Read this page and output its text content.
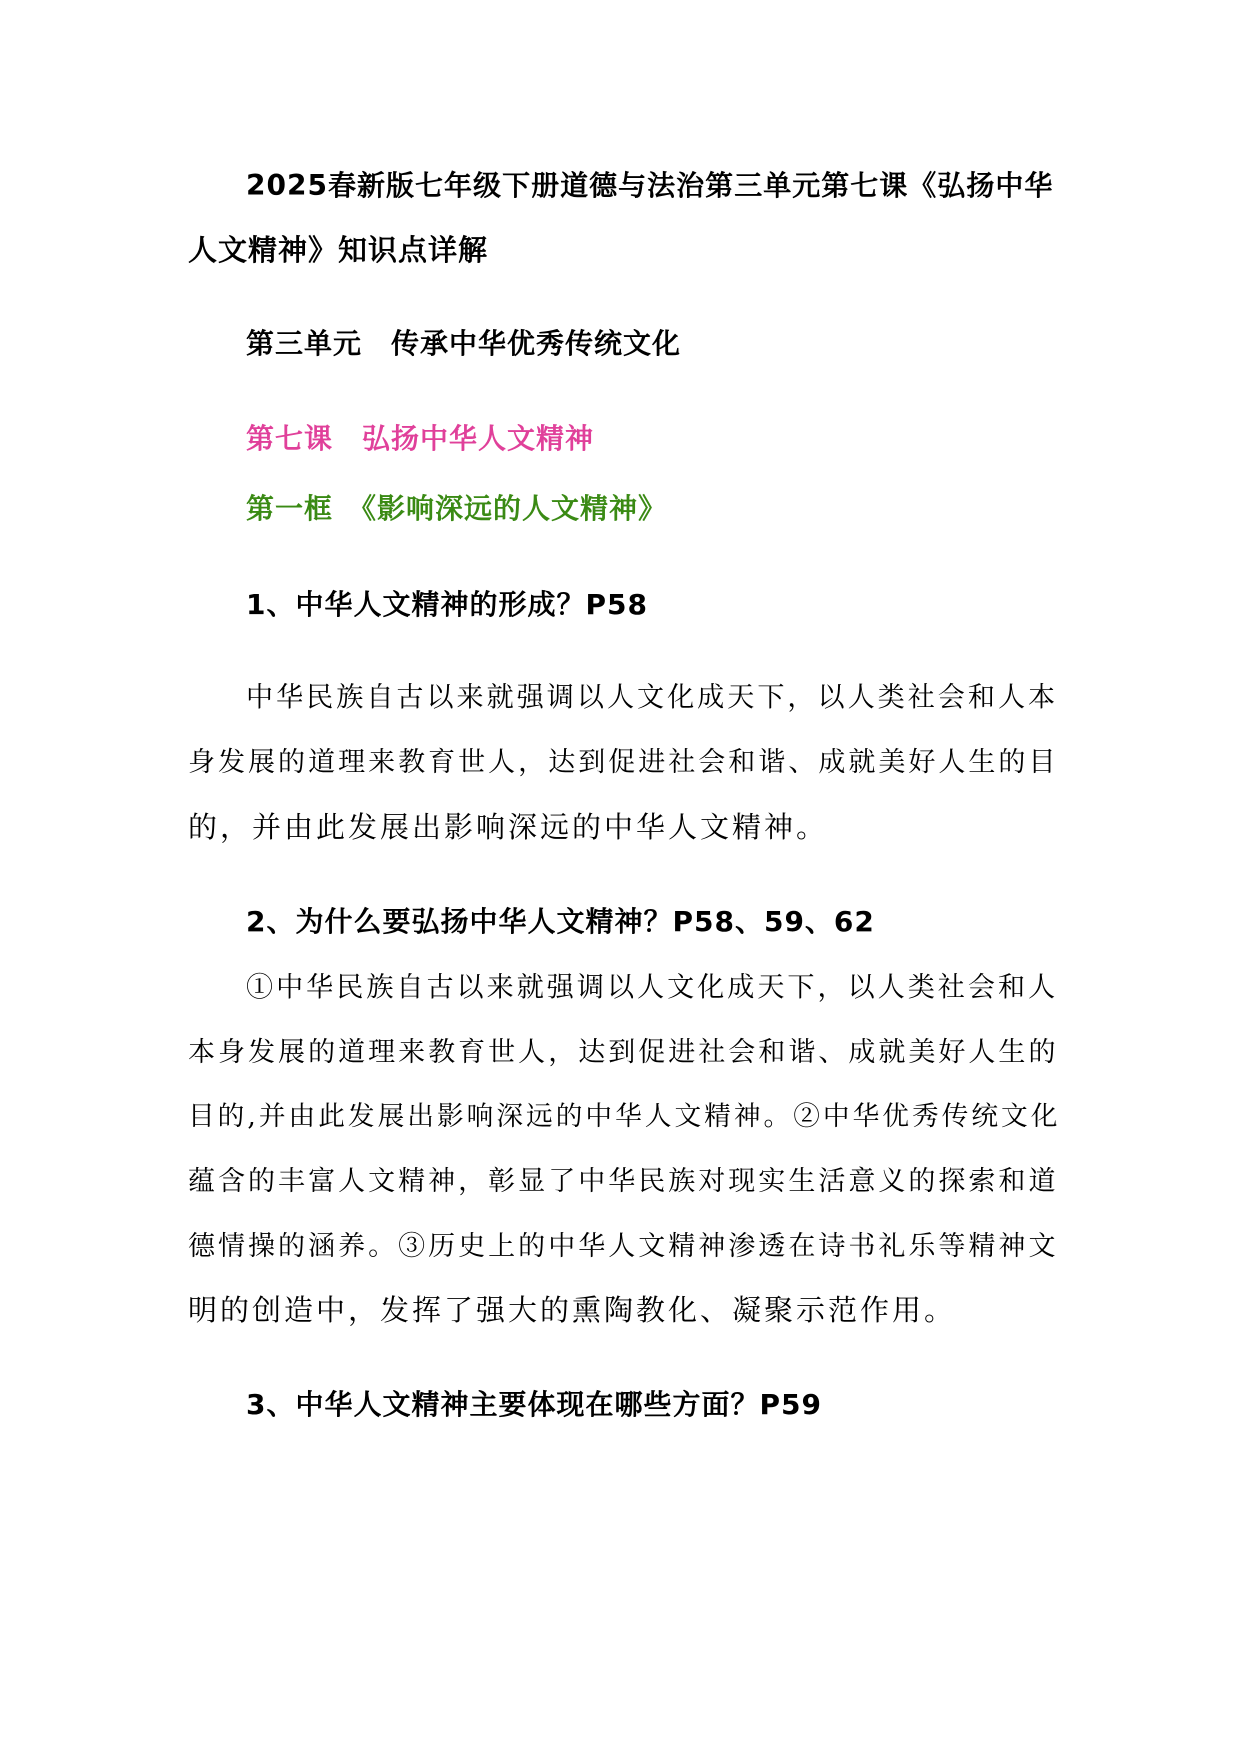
2025春新版七年级下册道德与法治第三单元第七课《弘扬中华

人文精神》知识点详解

第三单元　传承中华优秀传统文化

第七课　弘扬中华人文精神

第一框　《影响深远的人文精神》

1、中华人文精神的形成？P58

中华民族自古以来就强调以人文化成天下，以人类社会和人本

身发展的道理来教育世人，达到促进社会和谐、成就美好人生的目

的，并由此发展出影响深远的中华人文精神。

2、为什么要弘扬中华人文精神？P58、59、62

①中华民族自古以来就强调以人文化成天下，以人类社会和人

本身发展的道理来教育世人，达到促进社会和谐、成就美好人生的

目的,并由此发展出影响深远的中华人文精神。②中华优秀传统文化

蕴含的丰富人文精神，彰显了中华民族对现实生活意义的探索和道

德情操的涵养。③历史上的中华人文精神渗透在诗书礼乐等精神文

明的创造中，发挥了强大的熏陶教化、凝聚示范作用。

3、中华人文精神主要体现在哪些方面？P59
